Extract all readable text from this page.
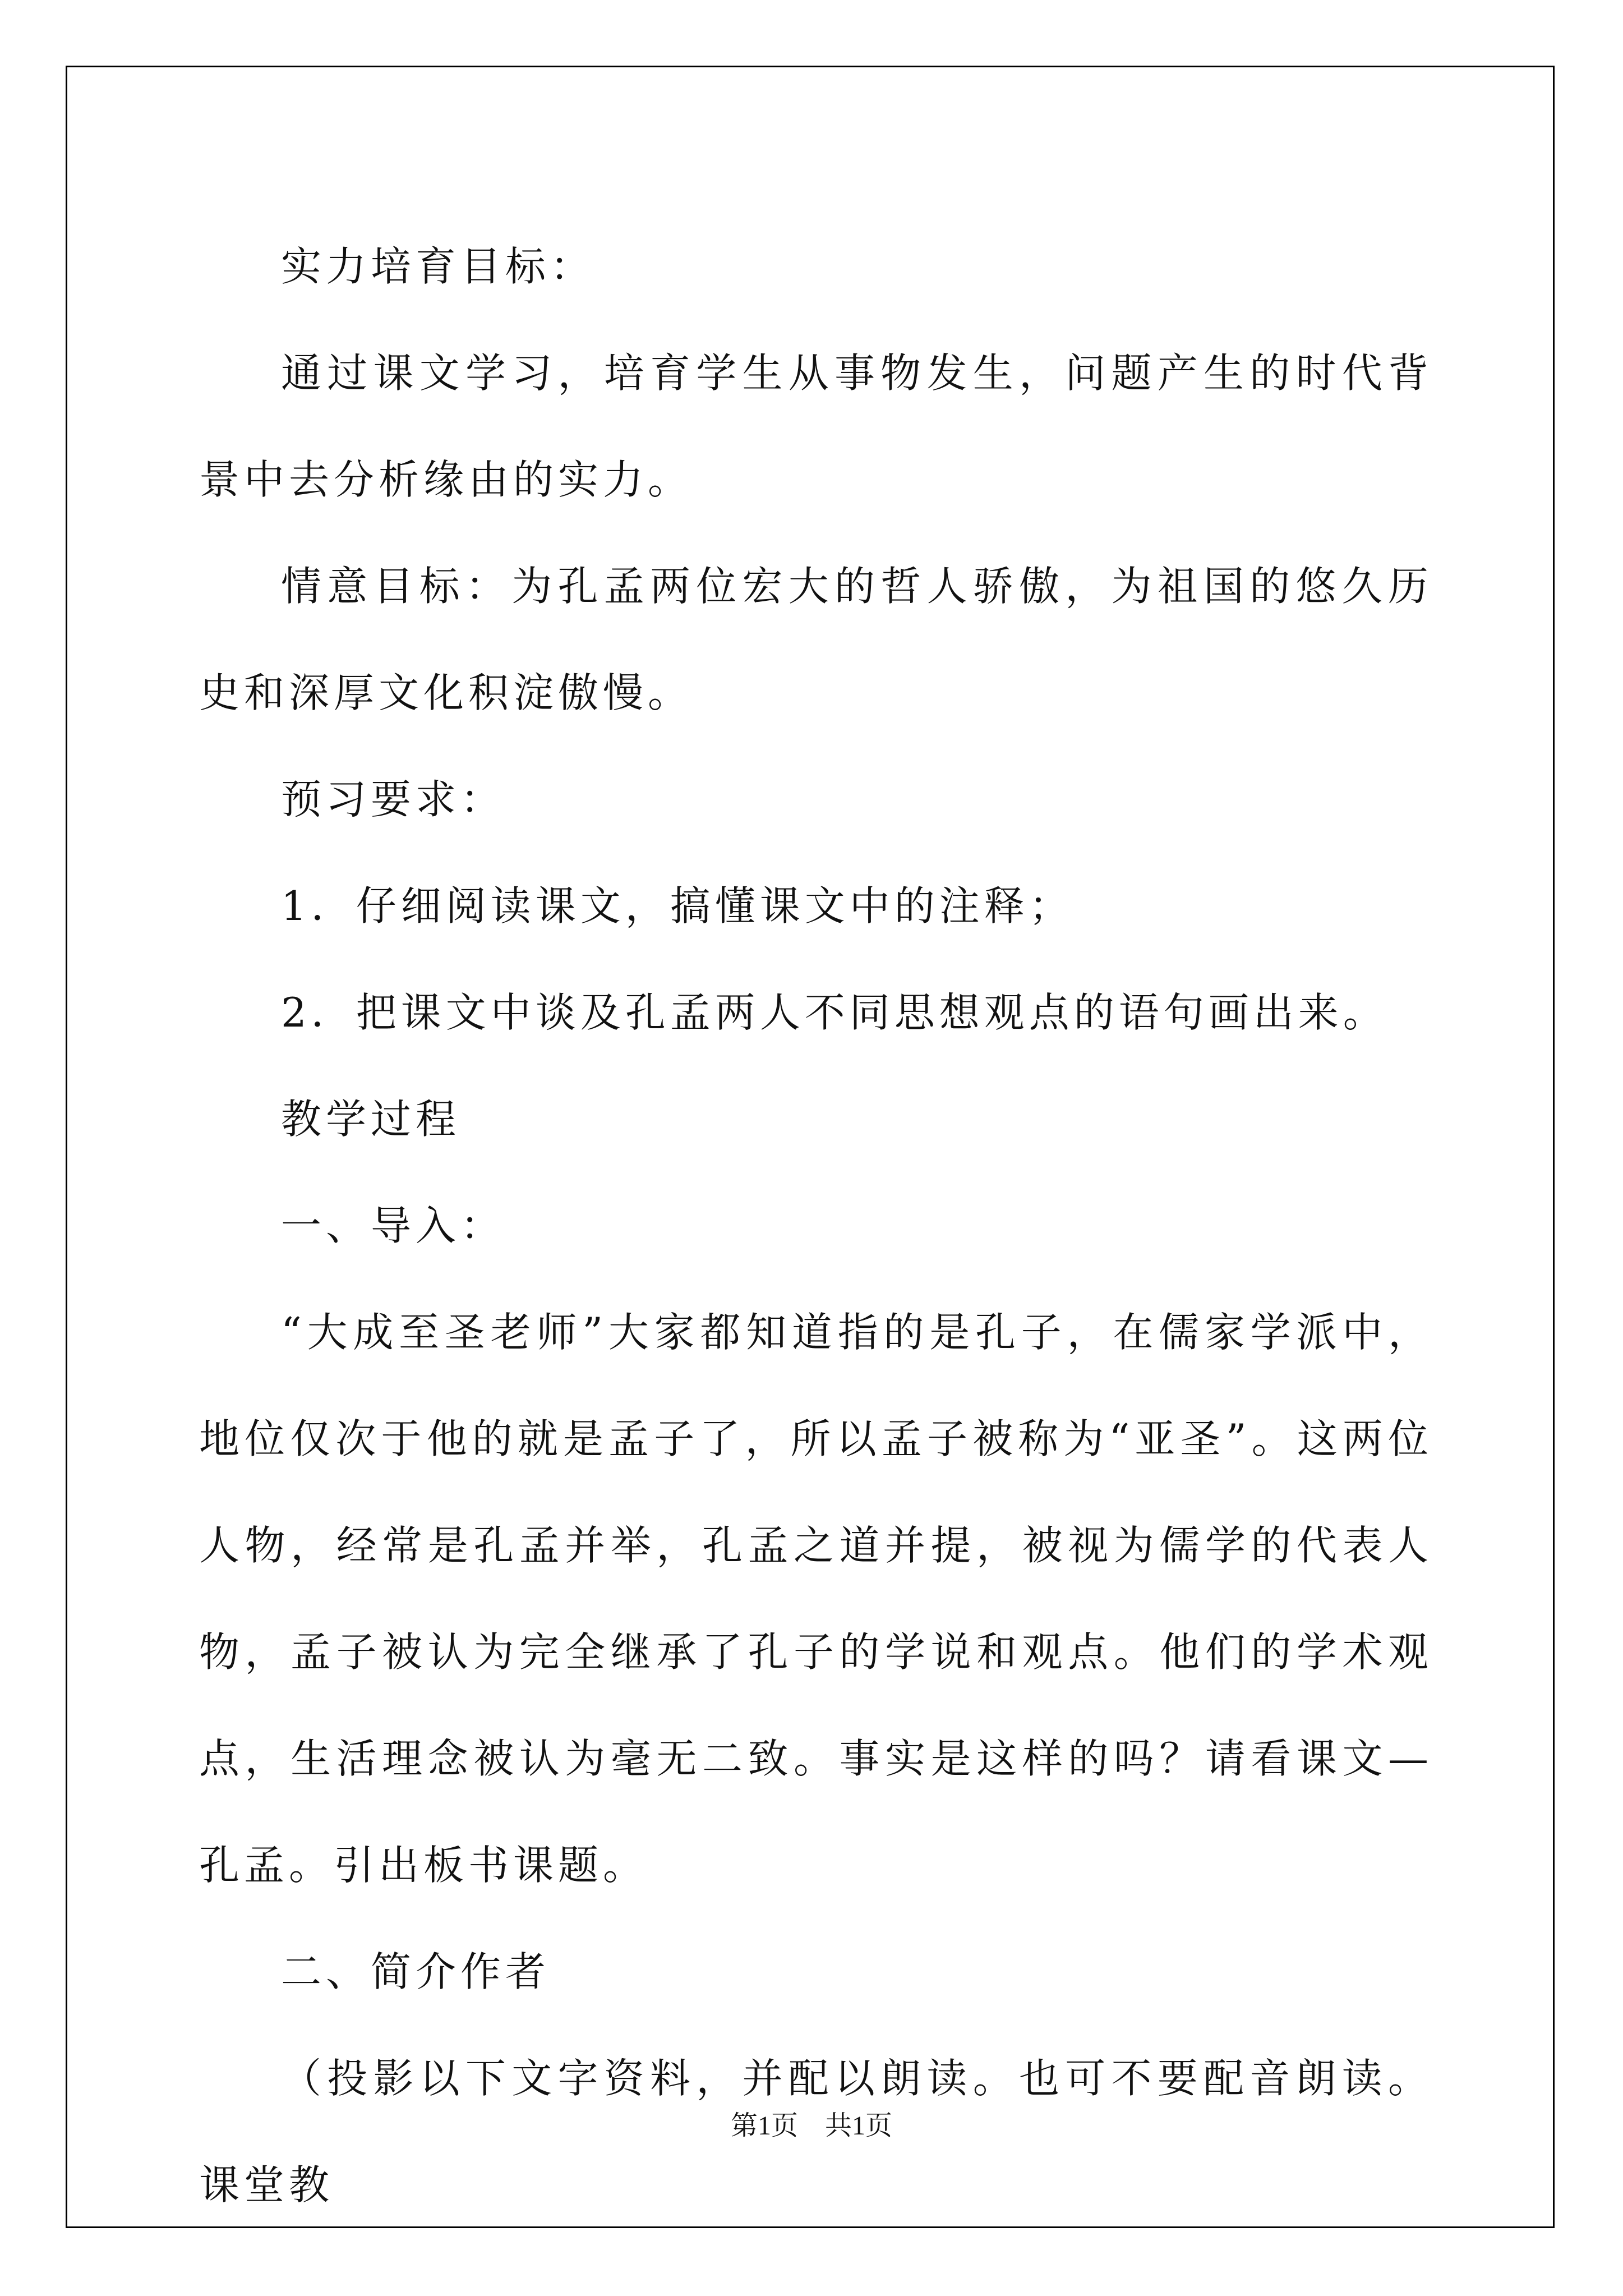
实力培育目标：

通过课文学习，培育学生从事物发生，问题产生的时代背景中去分析缘由的实力。

情意目标：为孔孟两位宏大的哲人骄傲，为祖国的悠久历史和深厚文化积淀傲慢。

预习要求：

1．仔细阅读课文，搞懂课文中的注释；

2．把课文中谈及孔孟两人不同思想观点的语句画出来。

教学过程

一、导入：

“大成至圣老师”大家都知道指的是孔子，在儒家学派中，地位仅次于他的就是孟子了，所以孟子被称为“亚圣”。这两位人物，经常是孔孟并举，孔孟之道并提，被视为儒学的代表人物，孟子被认为完全继承了孔子的学说和观点。他们的学术观点，生活理念被认为毫无二致。事实是这样的吗？请看课文—孔孟。引出板书课题。

二、简介作者

（投影以下文字资料，并配以朗读。也可不要配音朗读。课堂教

第1页 共1页
